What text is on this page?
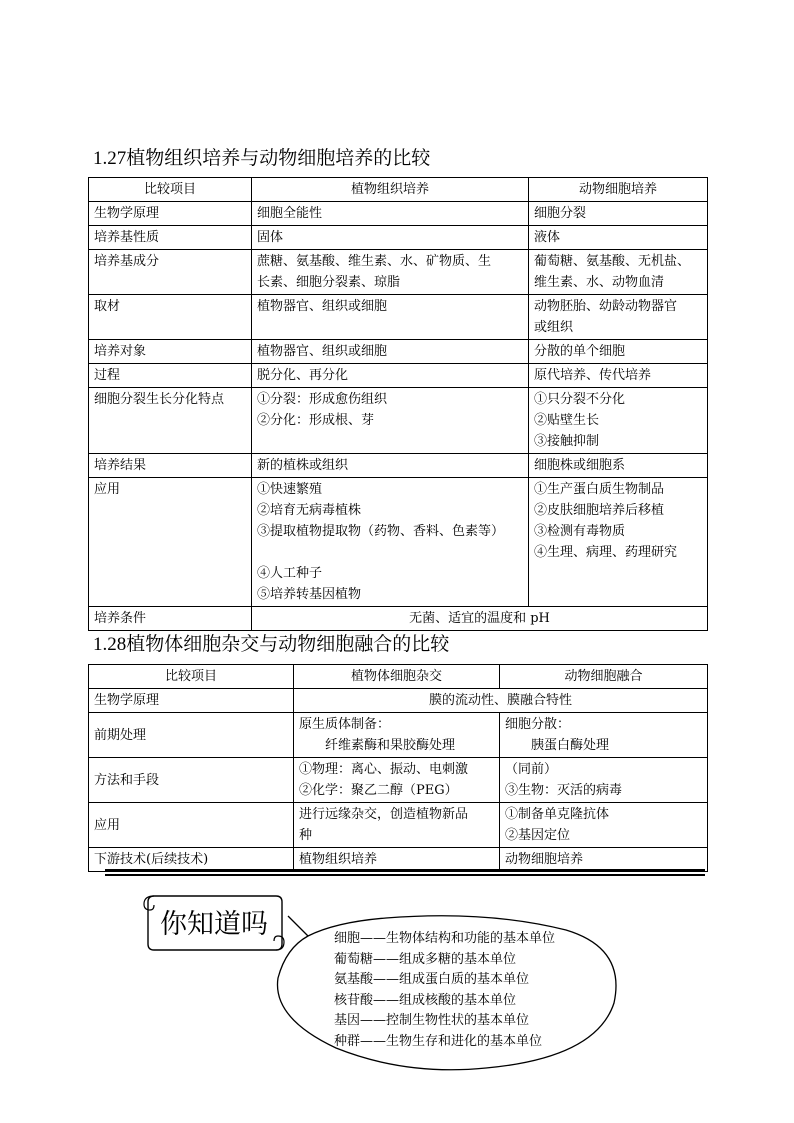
1.27植物组织培养与动物细胞培养的比较
比较项目	植物组织培养	动物细胞培养
生物学原理	细胞全能性	细胞分裂

培养基性质	固体	液体

培养基成分	蔗糖、氨基酸、维生素、水、矿物质、生
长素、细胞分裂素、琼脂	葡萄糖、氨基酸、无机盐、
维生素、水、动物血清

取材	植物器官、组织或细胞	动物胚胎、幼龄动物器官
或组织

培养对象	植物器官、组织或细胞	分散的单个细胞

过程	脱分化、再分化	原代培养、传代培养

细胞分裂生长分化特点	①分裂：形成愈伤组织
②分化：形成根、芽	①只分裂不分化
②贴壁生长
③接触抑制

培养结果	新的植株或组织	细胞株或细胞系

应用	①快速繁殖
②培育无病毒植株
③提取植物提取物（药物、香料、色素等）
④人工种子
⑤培养转基因植物	①生产蛋白质生物制品
②皮肤细胞培养后移植
③检测有毒物质
④生理、病理、药理研究

培养条件	无菌、适宜的温度和 pH	
1.28植物体细胞杂交与动物细胞融合的比较
比较项目	植物体细胞杂交	动物细胞融合
生物学原理	膜的流动性、膜融合特性	
前期处理	原生质体制备：
　　纤维素酶和果胶酶处理	细胞分散：
　　胰蛋白酶处理

方法和手段	①物理：离心、振动、电刺激
②化学：聚乙二醇（PEG）	（同前）
③生物：灭活的病毒

应用	进行远缘杂交，创造植物新品
种	①制备单克隆抗体
②基因定位

下游技术(后续技术)	植物组织培养	动物细胞培养
你知道吗	细胞——生物体结构和功能的基本单位
葡萄糖——组成多糖的基本单位
氨基酸——组成蛋白质的基本单位
核苷酸——组成核酸的基本单位
基因——控制生物性状的基本单位
种群——生物生存和进化的基本单位
